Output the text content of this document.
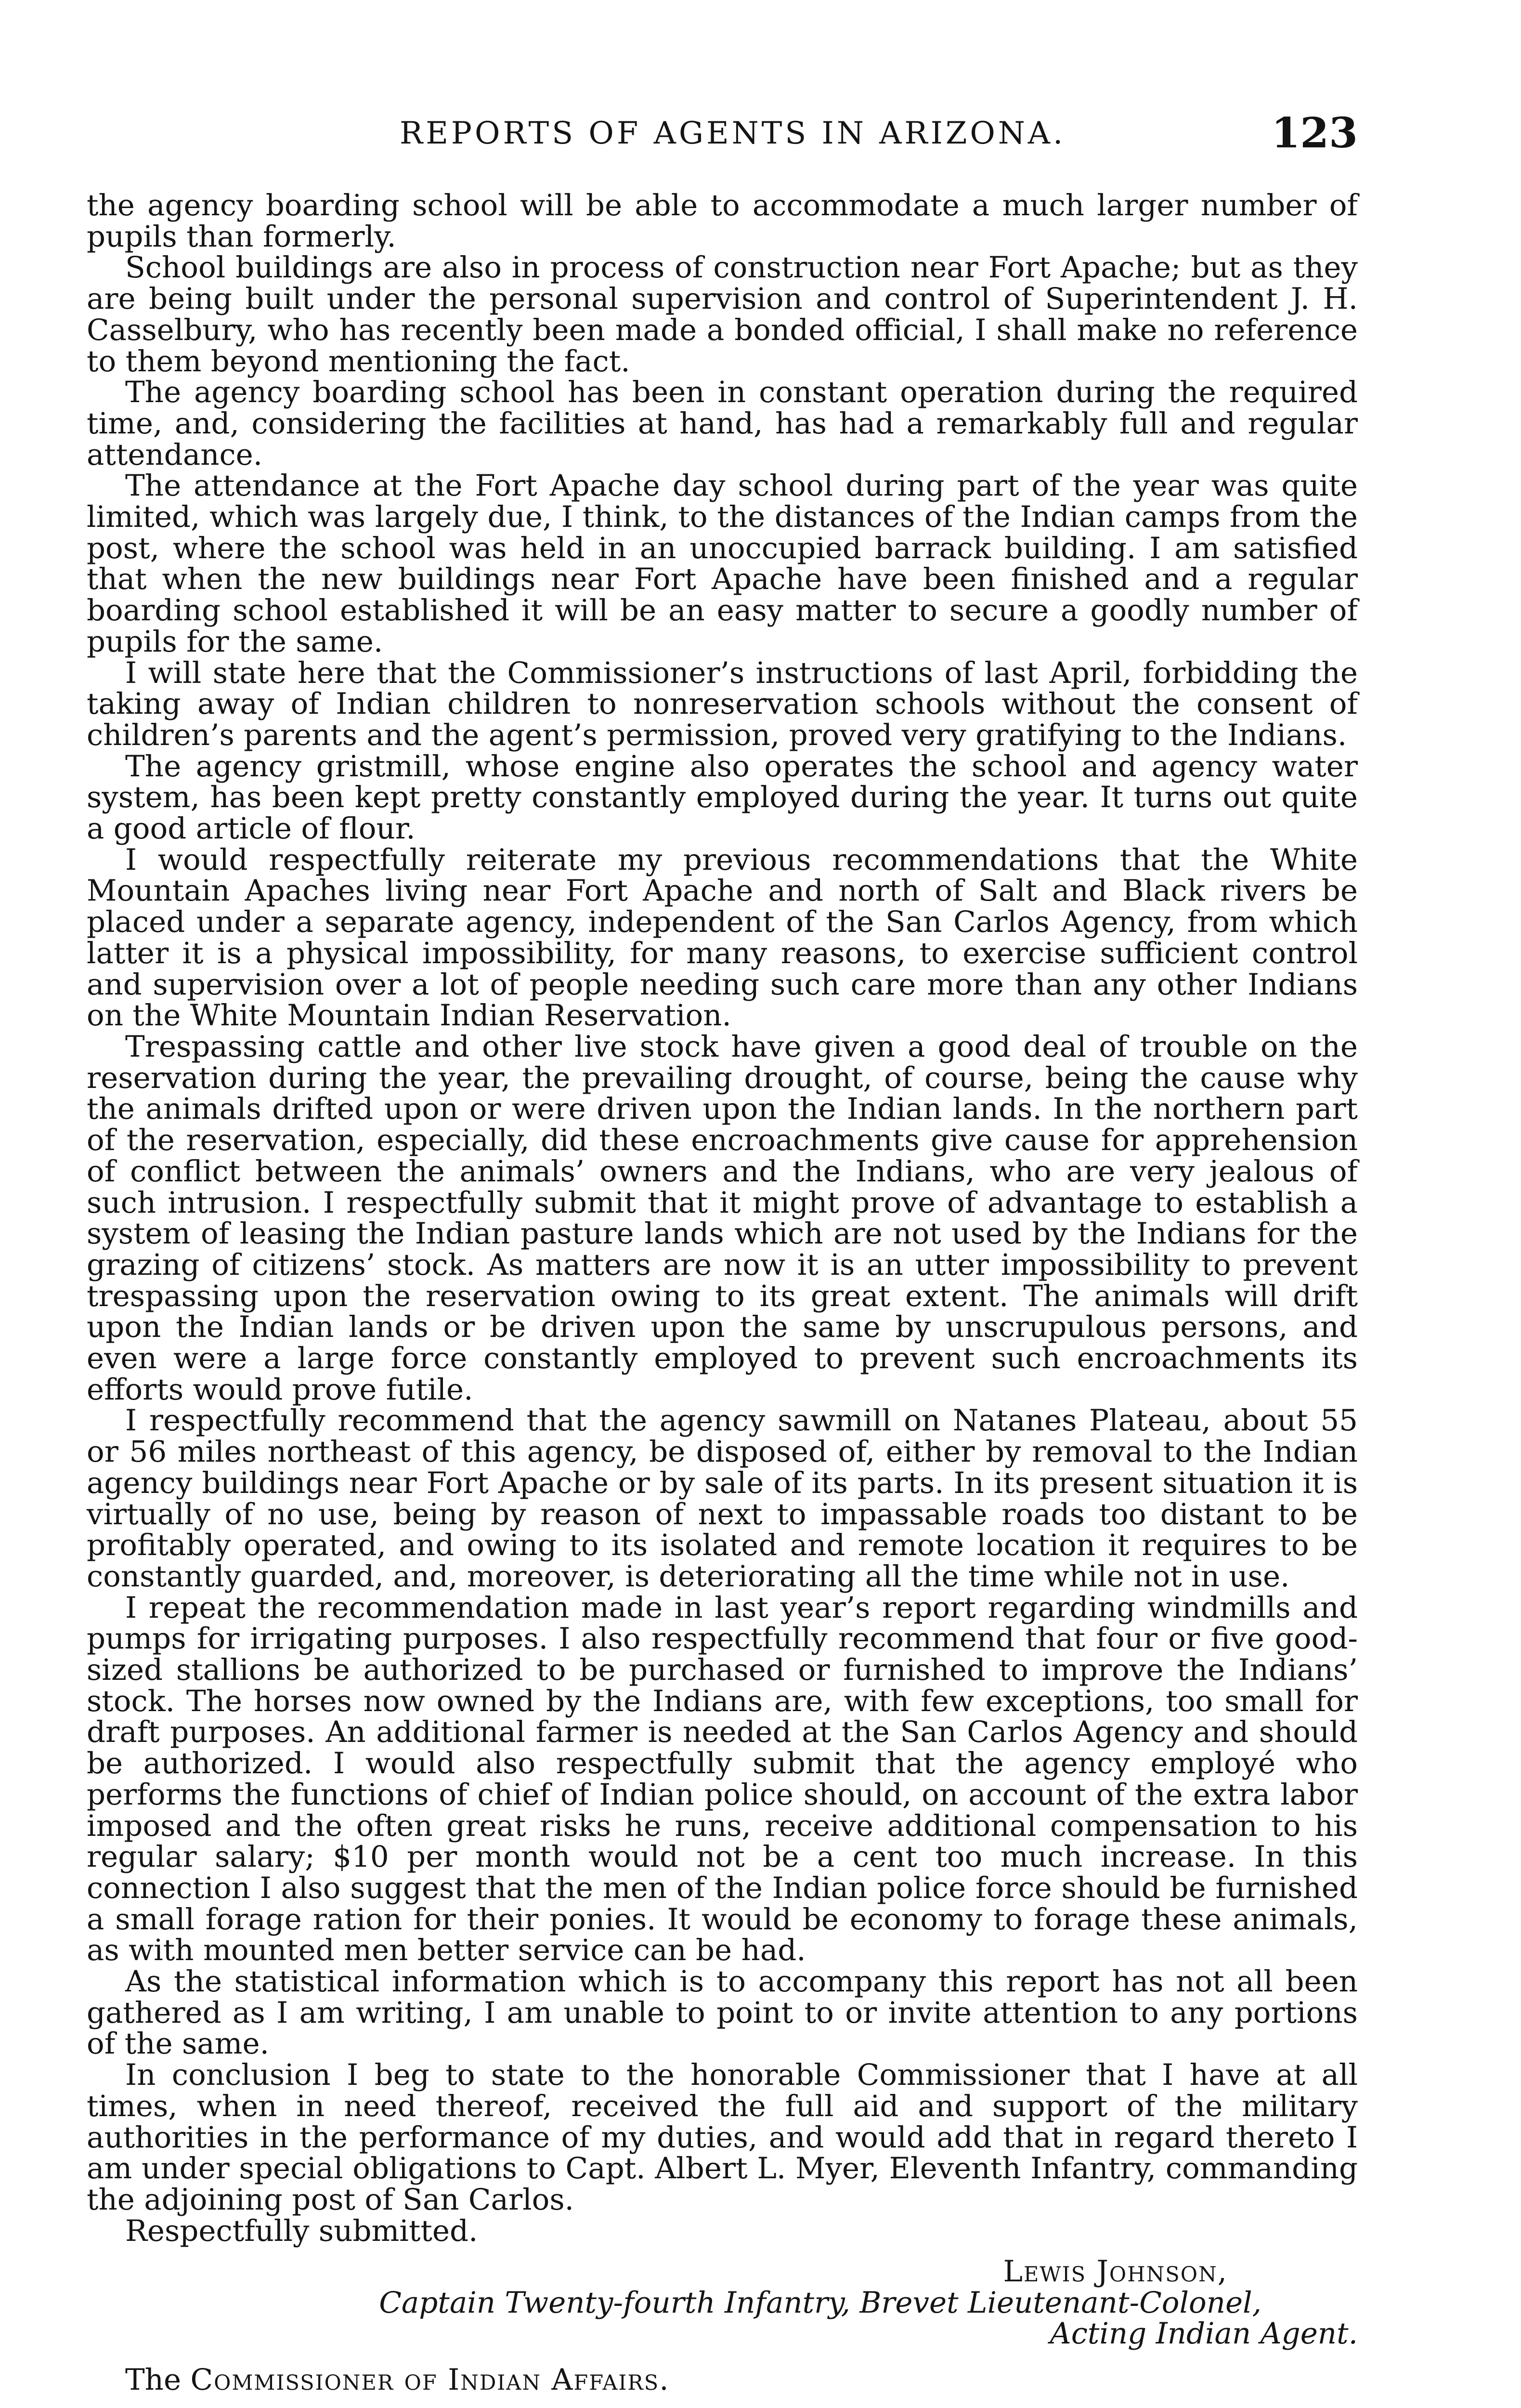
REPORTS OF AGENTS IN ARIZONA.	123

the agency boarding school will be able to accommodate a much larger number of pupils than formerly.

School buildings are also in process of construction near Fort Apache; but as they are being built under the personal supervision and control of Superintendent J. H. Casselbury, who has recently been made a bonded official, I shall make no reference to them beyond mentioning the fact.

The agency boarding school has been in constant operation during the required time, and, considering the facilities at hand, has had a remarkably full and regular attendance.

The attendance at the Fort Apache day school during part of the year was quite limited, which was largely due, I think, to the distances of the Indian camps from the post, where the school was held in an unoccupied barrack building. I am satisfied that when the new buildings near Fort Apache have been finished and a regular boarding school established it will be an easy matter to secure a goodly number of pupils for the same.

I will state here that the Commissioner’s instructions of last April, forbidding the taking away of Indian children to nonreservation schools without the consent of children’s parents and the agent’s permission, proved very gratifying to the Indians.

The agency gristmill, whose engine also operates the school and agency water system, has been kept pretty constantly employed during the year. It turns out quite a good article of flour.

I would respectfully reiterate my previous recommendations that the White Mountain Apaches living near Fort Apache and north of Salt and Black rivers be placed under a separate agency, independent of the San Carlos Agency, from which latter it is a physical impossibility, for many reasons, to exercise sufficient control and supervision over a lot of people needing such care more than any other Indians on the White Mountain Indian Reservation.

Trespassing cattle and other live stock have given a good deal of trouble on the reservation during the year, the prevailing drought, of course, being the cause why the animals drifted upon or were driven upon the Indian lands. In the northern part of the reservation, especially, did these encroachments give cause for apprehension of conflict between the animals’ owners and the Indians, who are very jealous of such intrusion. I respectfully submit that it might prove of advantage to establish a system of leasing the Indian pasture lands which are not used by the Indians for the grazing of citizens’ stock. As matters are now it is an utter impossibility to prevent trespassing upon the reservation owing to its great extent. The animals will drift upon the Indian lands or be driven upon the same by unscrupulous persons, and even were a large force constantly employed to prevent such encroachments its efforts would prove futile.

I respectfully recommend that the agency sawmill on Natanes Plateau, about 55 or 56 miles northeast of this agency, be disposed of, either by removal to the Indian agency buildings near Fort Apache or by sale of its parts. In its present situation it is virtually of no use, being by reason of next to impassable roads too distant to be profitably operated, and owing to its isolated and remote location it requires to be constantly guarded, and, moreover, is deteriorating all the time while not in use.

I repeat the recommendation made in last year’s report regarding windmills and pumps for irrigating purposes. I also respectfully recommend that four or five good-sized stallions be authorized to be purchased or furnished to improve the Indians’ stock. The horses now owned by the Indians are, with few exceptions, too small for draft purposes. An additional farmer is needed at the San Carlos Agency and should be authorized. I would also respectfully submit that the agency employé who performs the functions of chief of Indian police should, on account of the extra labor imposed and the often great risks he runs, receive additional compensation to his regular salary; $10 per month would not be a cent too much increase. In this connection I also suggest that the men of the Indian police force should be furnished a small forage ration for their ponies. It would be economy to forage these animals, as with mounted men better service can be had.

As the statistical information which is to accompany this report has not all been gathered as I am writing, I am unable to point to or invite attention to any portions of the same.

In conclusion I beg to state to the honorable Commissioner that I have at all times, when in need thereof, received the full aid and support of the military authorities in the performance of my duties, and would add that in regard thereto I am under special obligations to Capt. Albert L. Myer, Eleventh Infantry, commanding the adjoining post of San Carlos.

Respectfully submitted.

Lewis Johnson,
Captain Twenty-fourth Infantry, Brevet Lieutenant-Colonel,
Acting Indian Agent.
The Commissioner of Indian Affairs.
